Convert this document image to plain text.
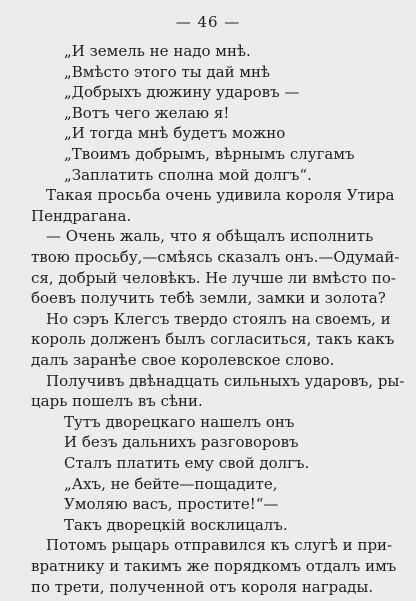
— 46 —
„И земель не надо мнѣ.
„Вмѣсто этого ты дай мнѣ
„Добрыхъ дюжину ударовъ —
„Вотъ чего желаю я!
„И тогда мнѣ будетъ можно
„Твоимъ добрымъ, вѣрнымъ слугамъ
„Заплатить сполна мой долгъ“.
Такая просьба очень удивила короля Утира
Пендрагана.
— Очень жаль, что я обѣщалъ исполнить
твою просьбу,—смѣясь сказалъ онъ.—Одумай-
ся, добрый человѣкъ. Не лучше ли вмѣсто по-
боевъ получить тебѣ земли, замки и золота?
Но сэръ Клегсъ твердо стоялъ на своемъ, и
король долженъ былъ согласиться, такъ какъ
далъ заранѣе свое королевское слово.
Получивъ двѣнадцать сильныхъ ударовъ, ры-
царь пошелъ въ сѣни.
Тутъ дворецкаго нашелъ онъ
И безъ дальнихъ разговоровъ
Сталъ платить ему свой долгъ.
„Ахъ, не бейте—пощадите,
Умоляю васъ, простите!“—
Такъ дворецкій восклицалъ.
Потомъ рыцарь отправился къ слугѣ и при-
вратнику и такимъ же порядкомъ отдалъ имъ
по трети, полученной отъ короля награды.
